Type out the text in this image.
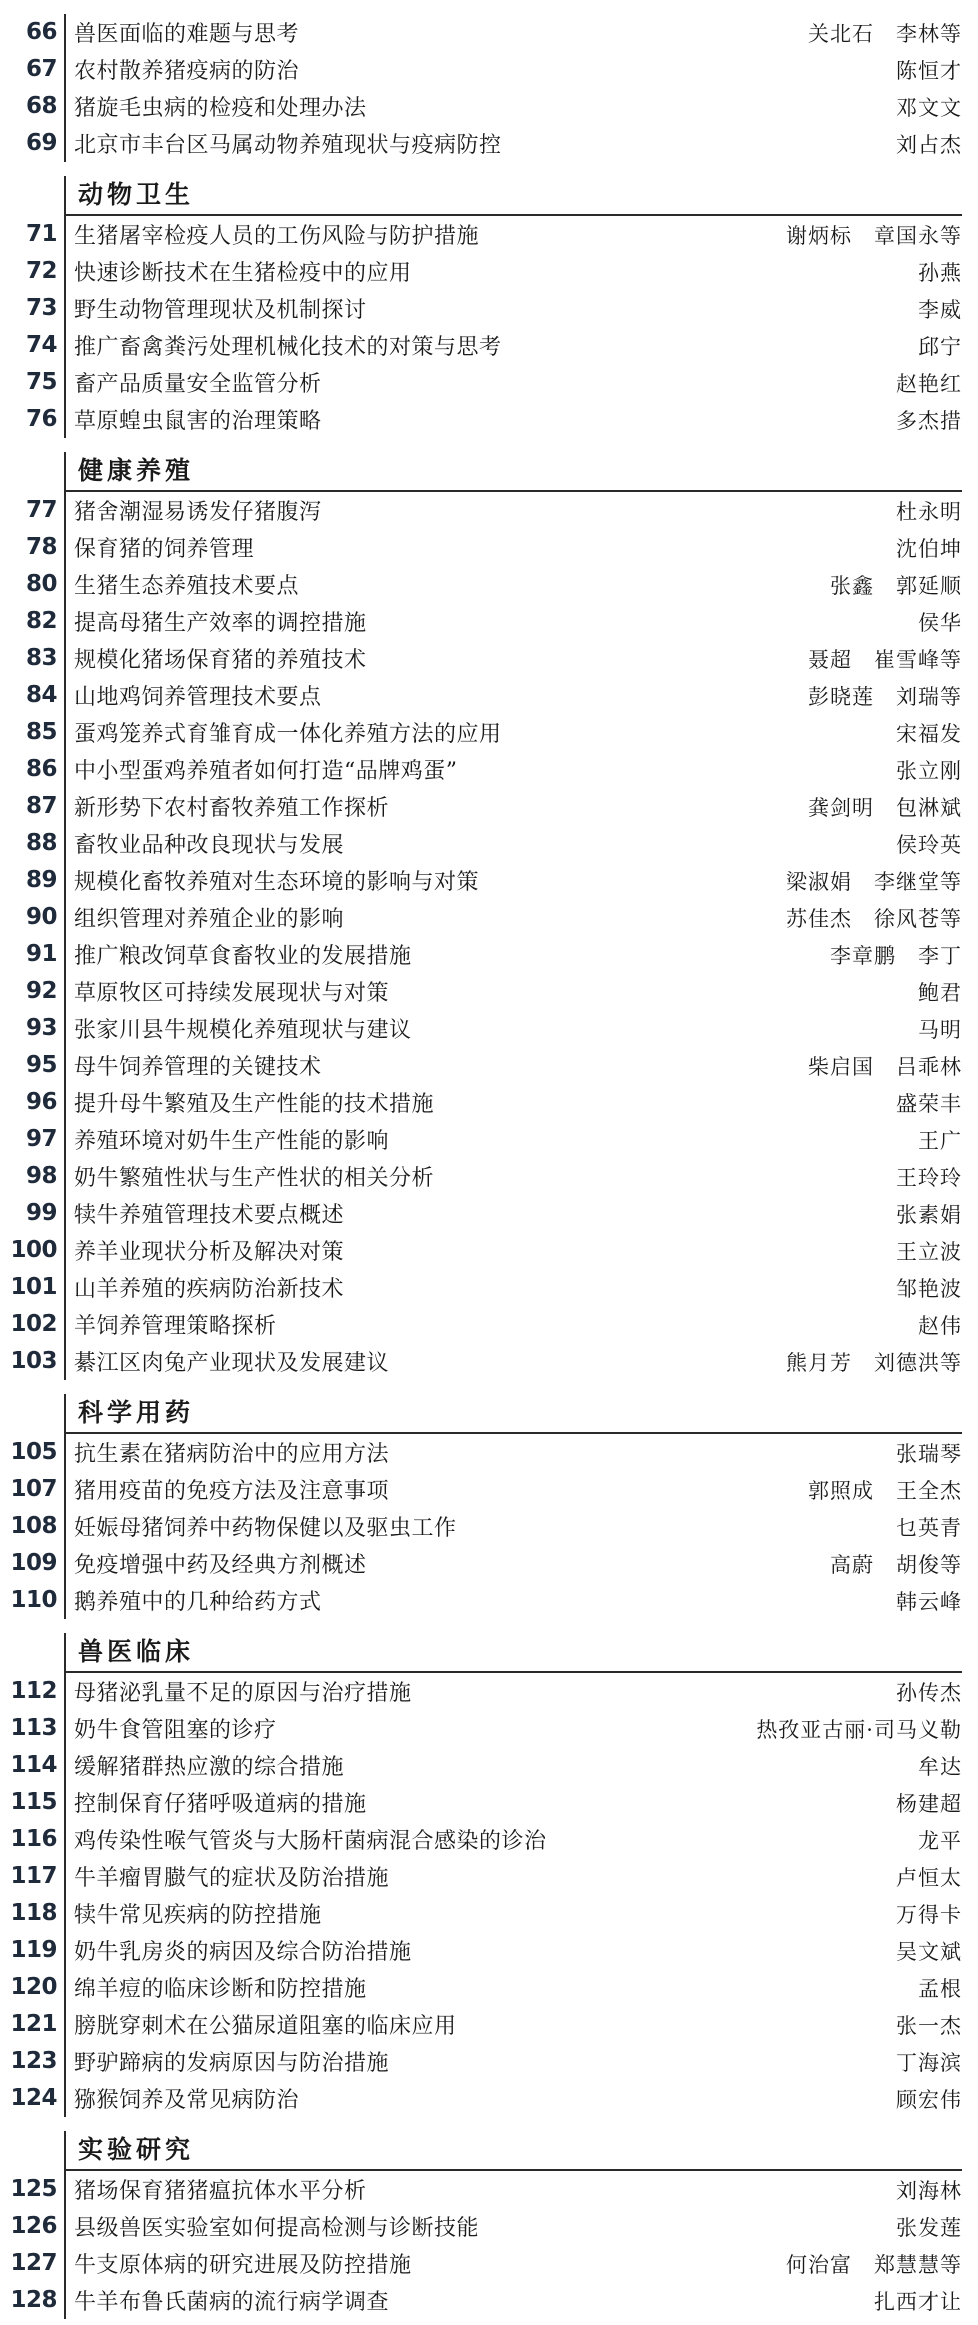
66 兽医面临的难题与思考	关北石　李林等
67 农村散养猪疫病的防治	陈恒才
68 猪旋毛虫病的检疫和处理办法	邓文文
69 北京市丰台区马属动物养殖现状与疫病防控	刘占杰
动物卫生
71 生猪屠宰检疫人员的工伤风险与防护措施	谢炳标　章国永等
72 快速诊断技术在生猪检疫中的应用	孙燕
73 野生动物管理现状及机制探讨	李威
74 推广畜禽粪污处理机械化技术的对策与思考	邱宁
75 畜产品质量安全监管分析	赵艳红
76 草原蝗虫鼠害的治理策略	多杰措
健康养殖
77 猪舍潮湿易诱发仔猪腹泻	杜永明
78 保育猪的饲养管理	沈伯坤
80 生猪生态养殖技术要点	张鑫　郭延顺
82 提高母猪生产效率的调控措施	侯华
83 规模化猪场保育猪的养殖技术	聂超　崔雪峰等
84 山地鸡饲养管理技术要点	彭晓莲　刘瑞等
85 蛋鸡笼养式育雏育成一体化养殖方法的应用	宋福发
86 中小型蛋鸡养殖者如何打造“品牌鸡蛋”	张立刚
87 新形势下农村畜牧养殖工作探析	龚剑明　包淋斌
88 畜牧业品种改良现状与发展	侯玲英
89 规模化畜牧养殖对生态环境的影响与对策	梁淑娟　李继堂等
90 组织管理对养殖企业的影响	苏佳杰　徐风苍等
91 推广粮改饲草食畜牧业的发展措施	李章鹏　李丁
92 草原牧区可持续发展现状与对策	鲍君
93 张家川县牛规模化养殖现状与建议	马明
95 母牛饲养管理的关键技术	柴启国　吕乖林
96 提升母牛繁殖及生产性能的技术措施	盛荣丰
97 养殖环境对奶牛生产性能的影响	王广
98 奶牛繁殖性状与生产性状的相关分析	王玲玲
99 犊牛养殖管理技术要点概述	张素娟
100 养羊业现状分析及解决对策	王立波
101 山羊养殖的疾病防治新技术	邹艳波
102 羊饲养管理策略探析	赵伟
103 綦江区肉兔产业现状及发展建议	熊月芳　刘德洪等
科学用药
105 抗生素在猪病防治中的应用方法	张瑞琴
107 猪用疫苗的免疫方法及注意事项	郭照成　王全杰
108 妊娠母猪饲养中药物保健以及驱虫工作	乜英青
109 免疫增强中药及经典方剂概述	高蔚　胡俊等
110 鹅养殖中的几种给药方式	韩云峰
兽医临床
112 母猪泌乳量不足的原因与治疗措施	孙传杰
113 奶牛食管阻塞的诊疗	热孜亚古丽·司马义勒
114 缓解猪群热应激的综合措施	牟达
115 控制保育仔猪呼吸道病的措施	杨建超
116 鸡传染性喉气管炎与大肠杆菌病混合感染的诊治	龙平
117 牛羊瘤胃臌气的症状及防治措施	卢恒太
118 犊牛常见疾病的防控措施	万得卡
119 奶牛乳房炎的病因及综合防治措施	吴文斌
120 绵羊痘的临床诊断和防控措施	孟根
121 膀胱穿刺术在公猫尿道阻塞的临床应用	张一杰
123 野驴蹄病的发病原因与防治措施	丁海滨
124 猕猴饲养及常见病防治	顾宏伟
实验研究
125 猪场保育猪猪瘟抗体水平分析	刘海林
126 县级兽医实验室如何提高检测与诊断技能	张发莲
127 牛支原体病的研究进展及防控措施	何治富　郑慧慧等
128 牛羊布鲁氏菌病的流行病学调查	扎西才让
